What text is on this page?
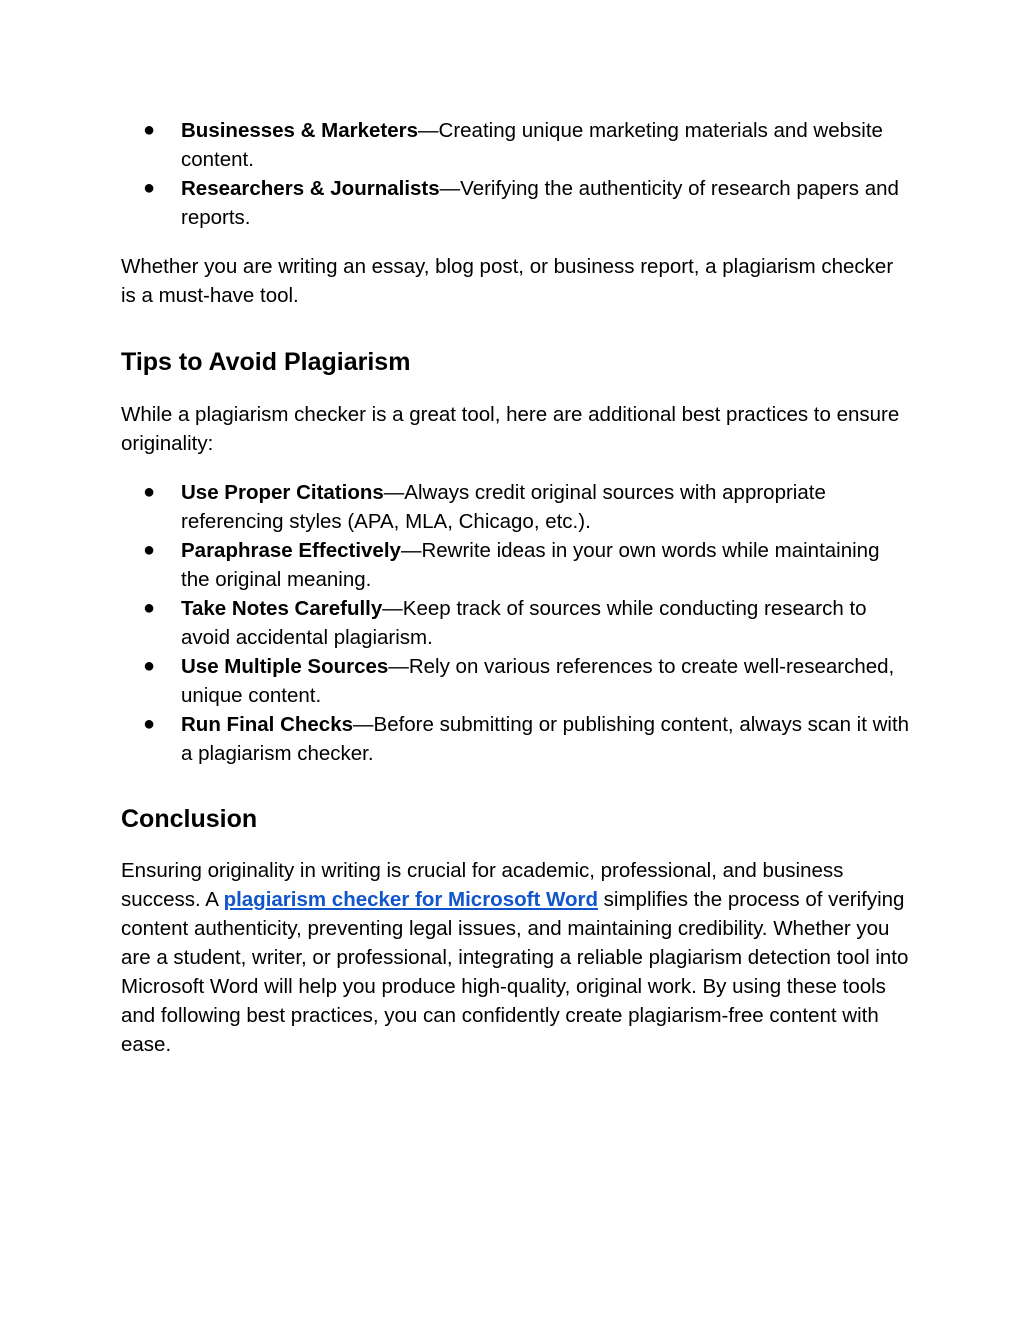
● Businesses & Marketers—Creating unique marketing materials and website content.
● Researchers & Journalists—Verifying the authenticity of research papers and reports.

Whether you are writing an essay, blog post, or business report, a plagiarism checker is a must-have tool.

Tips to Avoid Plagiarism

While a plagiarism checker is a great tool, here are additional best practices to ensure originality:

● Use Proper Citations—Always credit original sources with appropriate referencing styles (APA, MLA, Chicago, etc.).
● Paraphrase Effectively—Rewrite ideas in your own words while maintaining the original meaning.
● Take Notes Carefully—Keep track of sources while conducting research to avoid accidental plagiarism.
● Use Multiple Sources—Rely on various references to create well-researched, unique content.
● Run Final Checks—Before submitting or publishing content, always scan it with a plagiarism checker.
Conclusion

Ensuring originality in writing is crucial for academic, professional, and business success. A plagiarism checker for Microsoft Word simplifies the process of verifying content authenticity, preventing legal issues, and maintaining credibility. Whether you are a student, writer, or professional, integrating a reliable plagiarism detection tool into Microsoft Word will help you produce high-quality, original work. By using these tools and following best practices, you can confidently create plagiarism-free content with ease.
